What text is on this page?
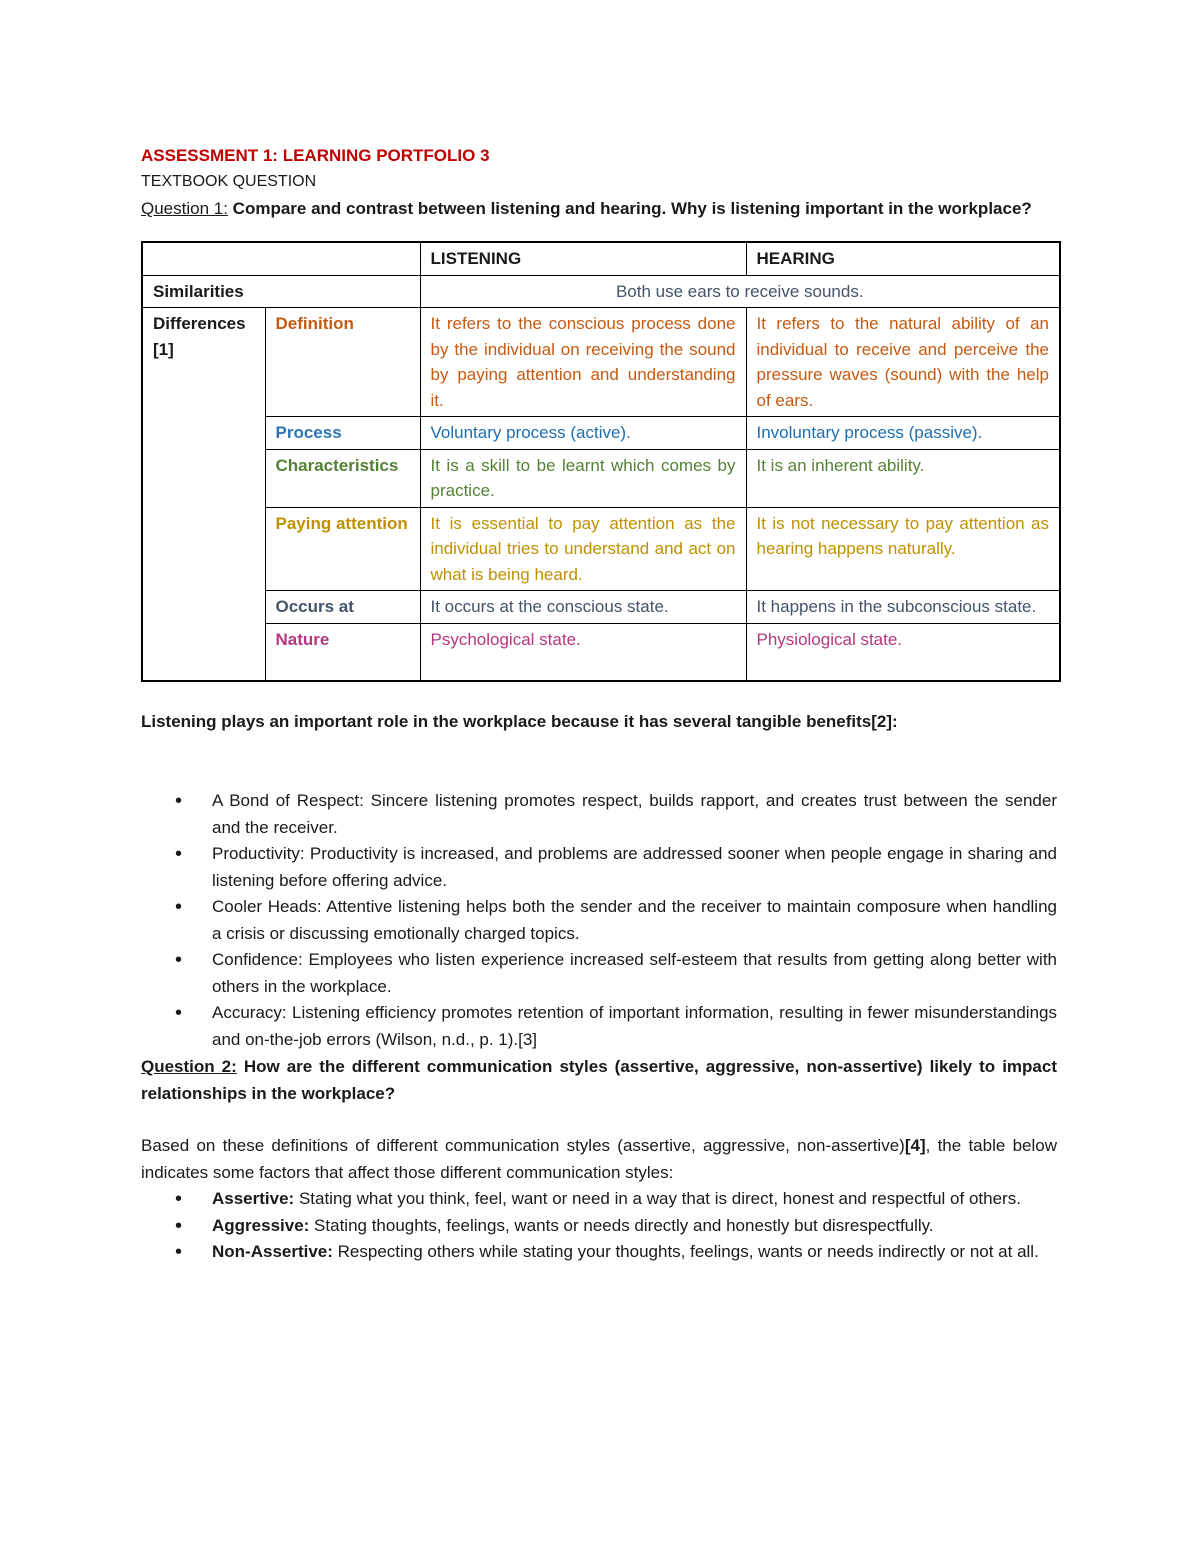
ASSESSMENT 1: LEARNING PORTFOLIO 3

TEXTBOOK QUESTION

Question 1: Compare and contrast between listening and hearing. Why is listening important in the workplace?

		LISTENING	HEARING
Similarities		Both use ears to receive sounds.	
Differences [1]	Definition	It refers to the conscious process done by the individual on receiving the sound by paying attention and understanding it.	It refers to the natural ability of an individual to receive and perceive the pressure waves (sound) with the help of ears.
	Process	Voluntary process (active).	Involuntary process (passive).
	Characteristics	It is a skill to be learnt which comes by practice.	It is an inherent ability.
	Paying attention	It is essential to pay attention as the individual tries to understand and act on what is being heard.	It is not necessary to pay attention as hearing happens naturally.
	Occurs at	It occurs at the conscious state.	It happens in the subconscious state.
	Nature	Psychological state.	Physiological state.

Listening plays an important role in the workplace because it has several tangible benefits[2]:

• A Bond of Respect: Sincere listening promotes respect, builds rapport, and creates trust between the sender and the receiver.
• Productivity: Productivity is increased, and problems are addressed sooner when people engage in sharing and listening before offering advice.
• Cooler Heads: Attentive listening helps both the sender and the receiver to maintain composure when handling a crisis or discussing emotionally charged topics.
• Confidence: Employees who listen experience increased self-esteem that results from getting along better with others in the workplace.
• Accuracy: Listening efficiency promotes retention of important information, resulting in fewer misunderstandings and on-the-job errors (Wilson, n.d., p. 1).[3]

Question 2: How are the different communication styles (assertive, aggressive, non-assertive) likely to impact relationships in the workplace?

Based on these definitions of different communication styles (assertive, aggressive, non-assertive)[4], the table below indicates some factors that affect those different communication styles:

• Assertive: Stating what you think, feel, want or need in a way that is direct, honest and respectful of others.
• Aggressive: Stating thoughts, feelings, wants or needs directly and honestly but disrespectfully.
• Non-Assertive: Respecting others while stating your thoughts, feelings, wants or needs indirectly or not at all.
